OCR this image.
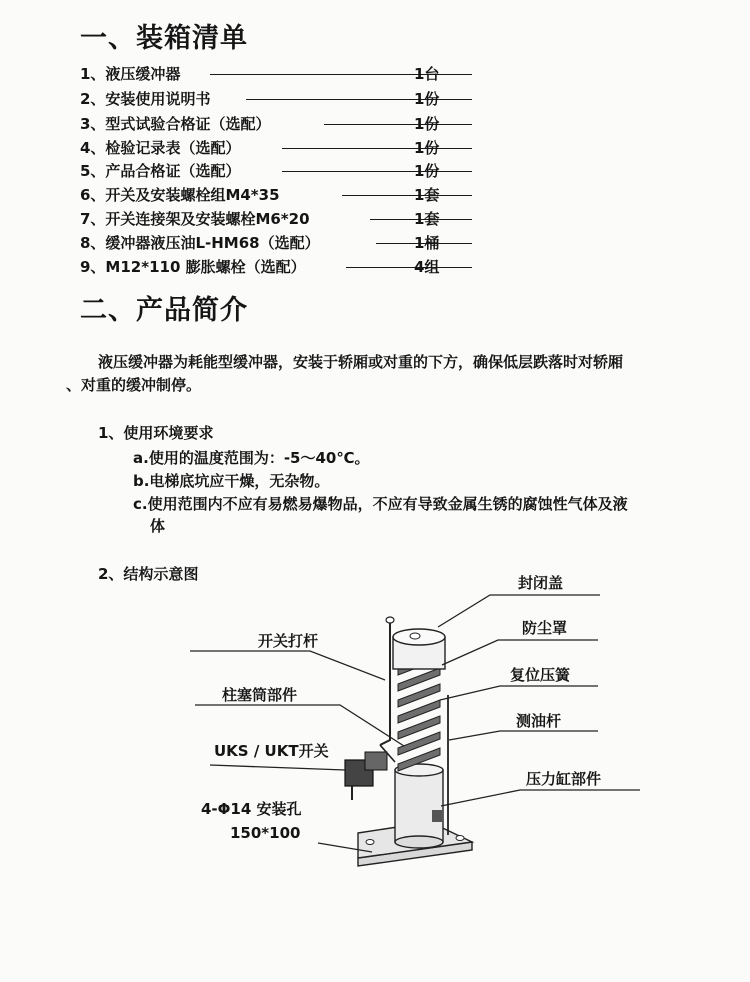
一、装箱清单
1、液压缓冲器	1台
2、安装使用说明书	1份
3、型式试验合格证（选配）	1份
4、检验记录表（选配）	1份
5、产品合格证（选配）	1份
6、开关及安装螺栓组M4*35	1套
7、开关连接架及安装螺栓M6*20	1套
8、缓冲器液压油L-HM68（选配）	1桶
9、M12*110 膨胀螺栓（选配）	4组
二、产品简介
液压缓冲器为耗能型缓冲器，安装于轿厢或对重的下方，确保低层跌落时对轿厢
、对重的缓冲制停。
1、使用环境要求
a.使用的温度范围为：-5～40℃。
b.电梯底坑应干燥，无杂物。
c.使用范围内不应有易燃易爆物品，不应有导致金属生锈的腐蚀性气体及液
体
2、结构示意图	封闭盖
防尘罩
复位压簧
测油杆
压力缸部件
开关打杆
柱塞筒部件
UKS / UKT开关
4-Φ14 安装孔
150*100
